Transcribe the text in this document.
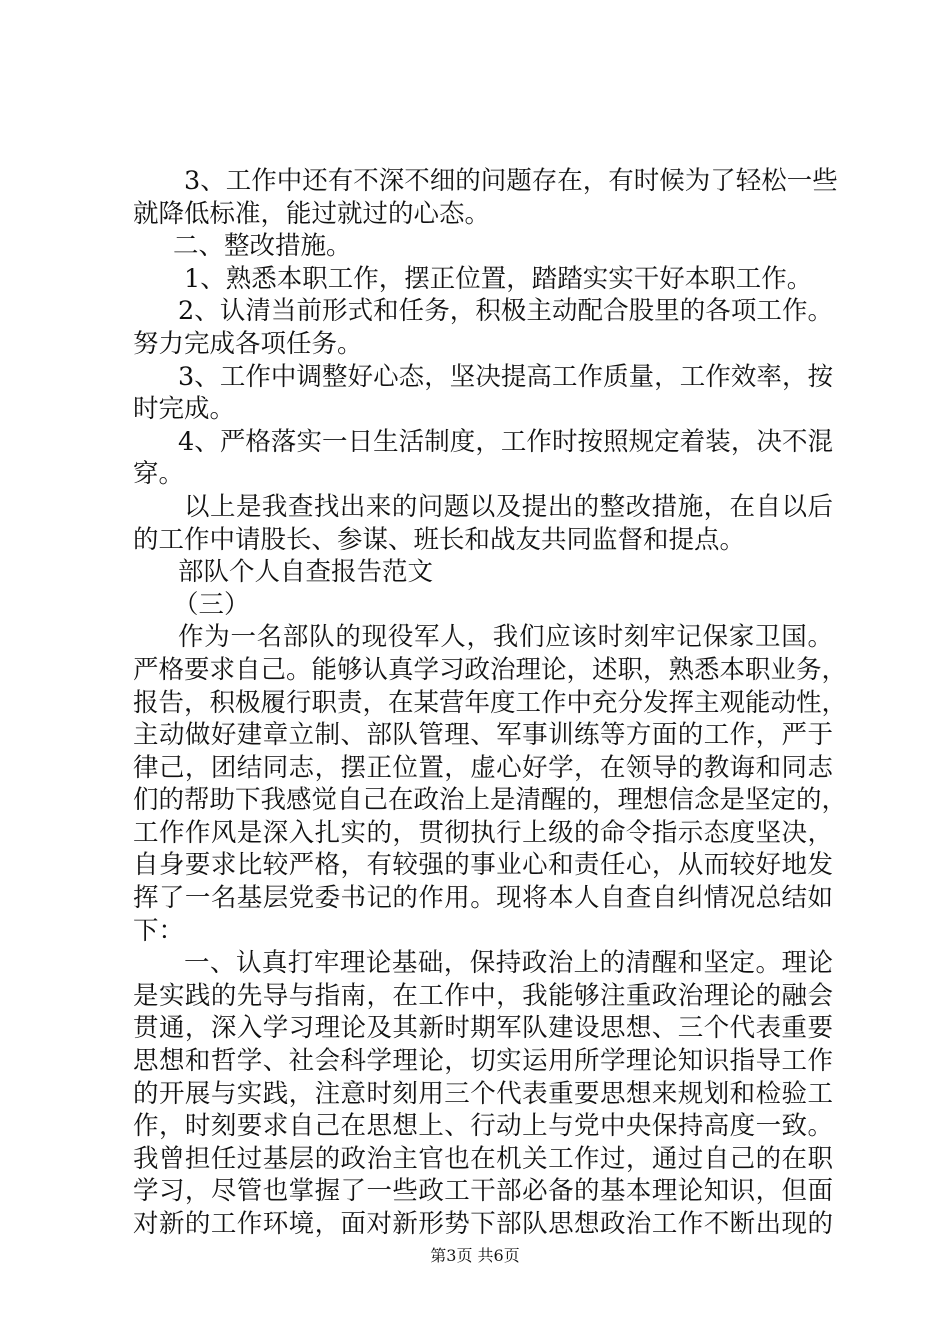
3、工作中还有不深不细的问题存在，有时候为了轻松一些
就降低标准，能过就过的心态。
二、整改措施。
1、熟悉本职工作，摆正位置，踏踏实实干好本职工作。
2、认清当前形式和任务，积极主动配合股里的各项工作。
努力完成各项任务。
3、工作中调整好心态，坚决提高工作质量，工作效率，按
时完成。
4、严格落实一日生活制度，工作时按照规定着装，决不混
穿。
以上是我查找出来的问题以及提出的整改措施，在自以后
的工作中请股长、参谋、班长和战友共同监督和提点。
部队个人自查报告范文
（三）
作为一名部队的现役军人，我们应该时刻牢记保家卫国。
严格要求自己。能够认真学习政治理论，述职，熟悉本职业务，
报告，积极履行职责，在某营年度工作中充分发挥主观能动性，
主动做好建章立制、部队管理、军事训练等方面的工作，严于
律己，团结同志，摆正位置，虚心好学，在领导的教诲和同志
们的帮助下我感觉自己在政治上是清醒的，理想信念是坚定的，
工作作风是深入扎实的，贯彻执行上级的命令指示态度坚决，
自身要求比较严格，有较强的事业心和责任心，从而较好地发
挥了一名基层党委书记的作用。现将本人自查自纠情况总结如
下：
一、认真打牢理论基础，保持政治上的清醒和坚定。理论
是实践的先导与指南，在工作中，我能够注重政治理论的融会
贯通，深入学习理论及其新时期军队建设思想、三个代表重要
思想和哲学、社会科学理论，切实运用所学理论知识指导工作
的开展与实践，注意时刻用三个代表重要思想来规划和检验工
作，时刻要求自己在思想上、行动上与党中央保持高度一致。
我曾担任过基层的政治主官也在机关工作过，通过自己的在职
学习，尽管也掌握了一些政工干部必备的基本理论知识，但面
对新的工作环境，面对新形势下部队思想政治工作不断出现的
第3页 共6页
